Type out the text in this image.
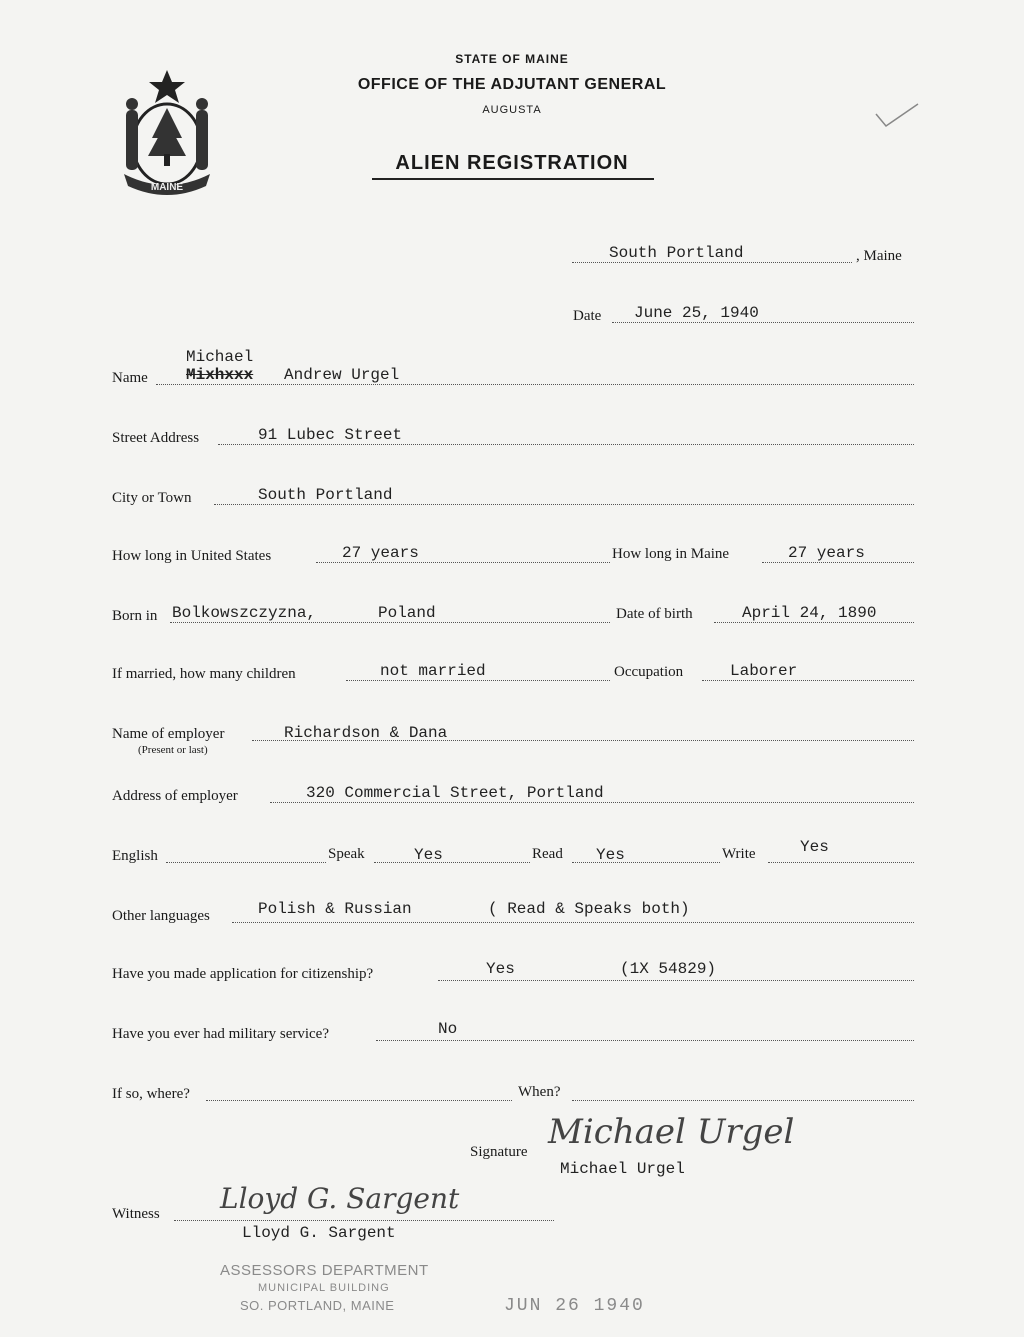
MAINE
STATE OF MAINE
OFFICE OF THE ADJUTANT GENERAL
AUGUSTA
ALIEN REGISTRATION
South Portland	, Maine
Date June 25, 1940
Michael
Name Mixhxxx Andrew Urgel
Street Address	91 Lubec Street
City or Town	South Portland
How long in United States	27 years	How long in Maine	27 years
Born in Bolkowszczyzna,	Poland	Date of birth	April 24, 1890
If married, how many children	not married	Occupation	Laborer
Name of employer
(Present or last)
Richardson & Dana
Address of employer	320 Commercial Street, Portland
English	Speak	Yes	Read Yes	Write	Yes
Other languages	Polish & Russian	( Read & Speaks both)
Have you made application for citizenship?	Yes	(1X 54829)
Have you ever had military service?	No
If so, where?	When?
Signature Michael Urgel
Michael Urgel
Witness Lloyd G. Sargent
Lloyd G. Sargent
ASSESSORS DEPARTMENT
MUNICIPAL BUILDING
SO. PORTLAND, MAINE	JUN 26 1940
